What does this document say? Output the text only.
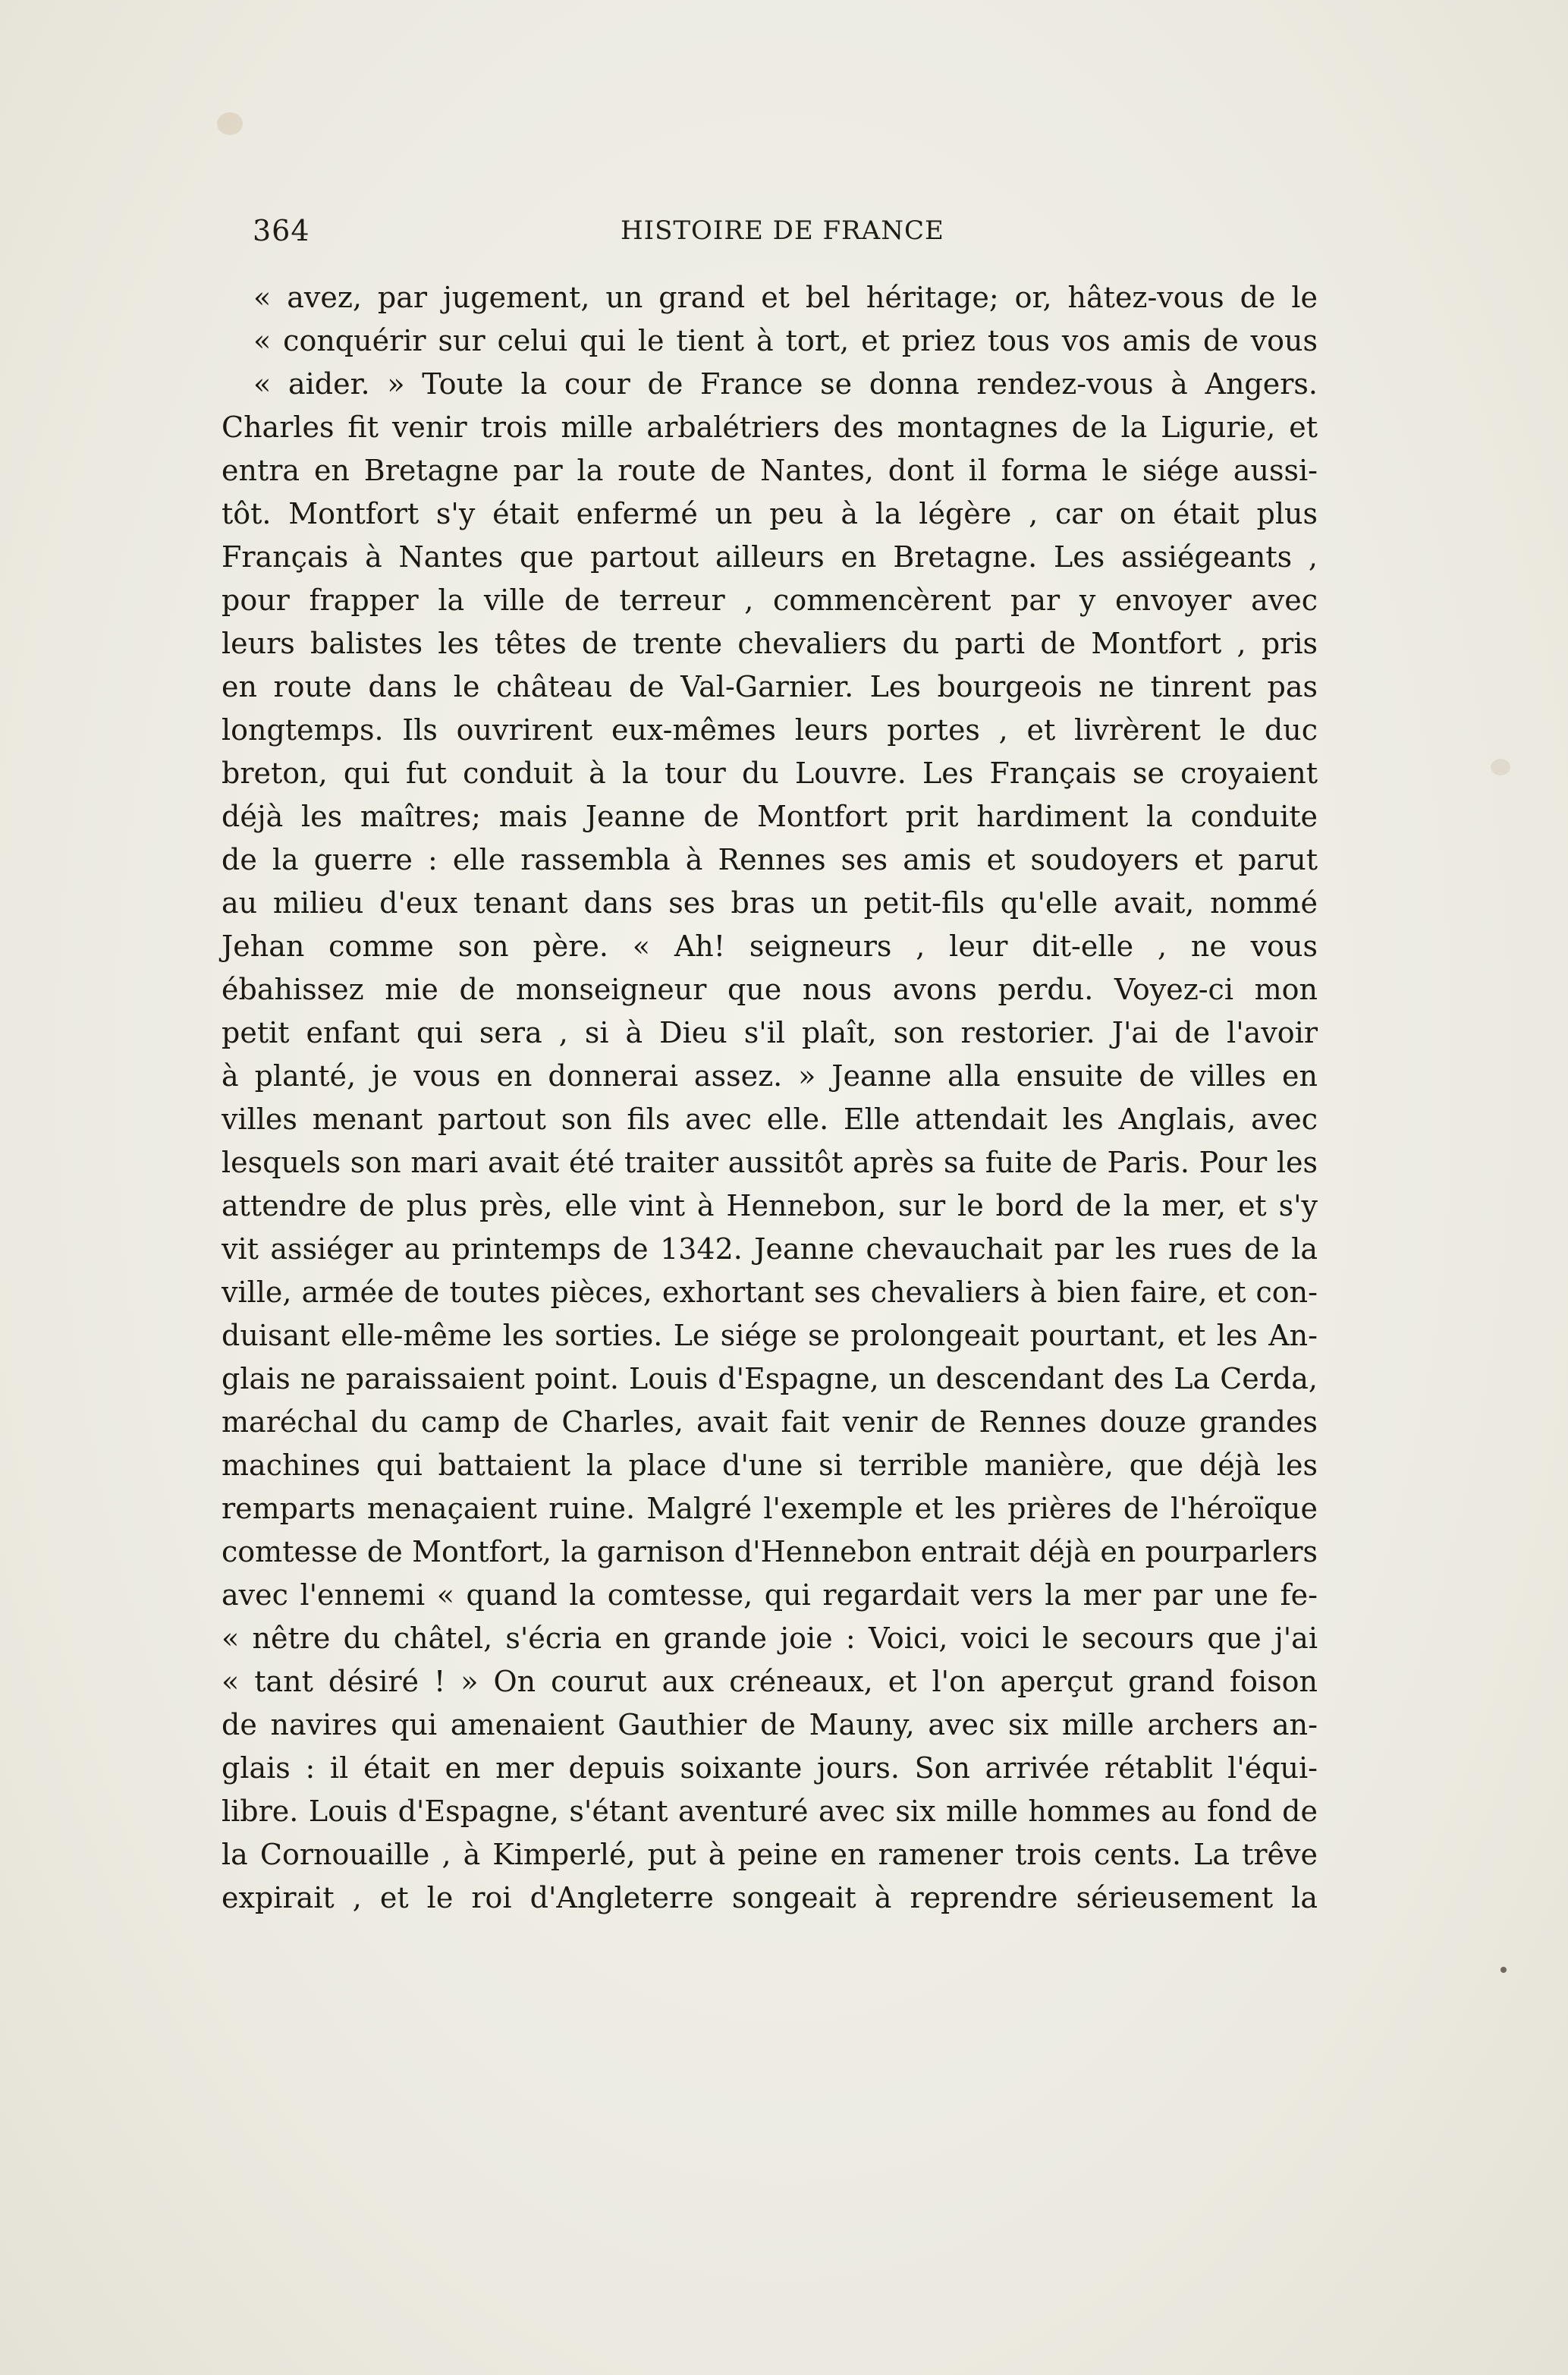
364	HISTOIRE DE FRANCE
« avez, par jugement, un grand et bel héritage; or, hâtez-vous de le
« conquérir sur celui qui le tient à tort, et priez tous vos amis de vous
« aider. » Toute la cour de France se donna rendez-vous à Angers.
Charles fit venir trois mille arbalétriers des montagnes de la Ligurie, et
entra en Bretagne par la route de Nantes, dont il forma le siége aussi-
tôt. Montfort s'y était enfermé un peu à la légère , car on était plus
Français à Nantes que partout ailleurs en Bretagne. Les assiégeants ,
pour frapper la ville de terreur , commencèrent par y envoyer avec
leurs balistes les têtes de trente chevaliers du parti de Montfort , pris
en route dans le château de Val-Garnier. Les bourgeois ne tinrent pas
longtemps. Ils ouvrirent eux-mêmes leurs portes , et livrèrent le duc
breton, qui fut conduit à la tour du Louvre. Les Français se croyaient
déjà les maîtres; mais Jeanne de Montfort prit hardiment la conduite
de la guerre : elle rassembla à Rennes ses amis et soudoyers et parut
au milieu d'eux tenant dans ses bras un petit-fils qu'elle avait, nommé
Jehan comme son père. « Ah! seigneurs , leur dit-elle , ne vous
ébahissez mie de monseigneur que nous avons perdu. Voyez-ci mon
petit enfant qui sera , si à Dieu s'il plaît, son restorier. J'ai de l'avoir
à planté, je vous en donnerai assez. » Jeanne alla ensuite de villes en
villes menant partout son fils avec elle. Elle attendait les Anglais, avec
lesquels son mari avait été traiter aussitôt après sa fuite de Paris. Pour les
attendre de plus près, elle vint à Hennebon, sur le bord de la mer, et s'y
vit assiéger au printemps de 1342. Jeanne chevauchait par les rues de la
ville, armée de toutes pièces, exhortant ses chevaliers à bien faire, et con-
duisant elle-même les sorties. Le siége se prolongeait pourtant, et les An-
glais ne paraissaient point. Louis d'Espagne, un descendant des La Cerda,
maréchal du camp de Charles, avait fait venir de Rennes douze grandes
machines qui battaient la place d'une si terrible manière, que déjà les
remparts menaçaient ruine. Malgré l'exemple et les prières de l'héroïque
comtesse de Montfort, la garnison d'Hennebon entrait déjà en pourparlers
avec l'ennemi « quand la comtesse, qui regardait vers la mer par une fe-
« nêtre du châtel, s'écria en grande joie : Voici, voici le secours que j'ai
« tant désiré ! » On courut aux créneaux, et l'on aperçut grand foison
de navires qui amenaient Gauthier de Mauny, avec six mille archers an-
glais : il était en mer depuis soixante jours. Son arrivée rétablit l'équi-
libre. Louis d'Espagne, s'étant aventuré avec six mille hommes au fond de
la Cornouaille , à Kimperlé, put à peine en ramener trois cents. La trêve
expirait , et le roi d'Angleterre songeait à reprendre sérieusement la
